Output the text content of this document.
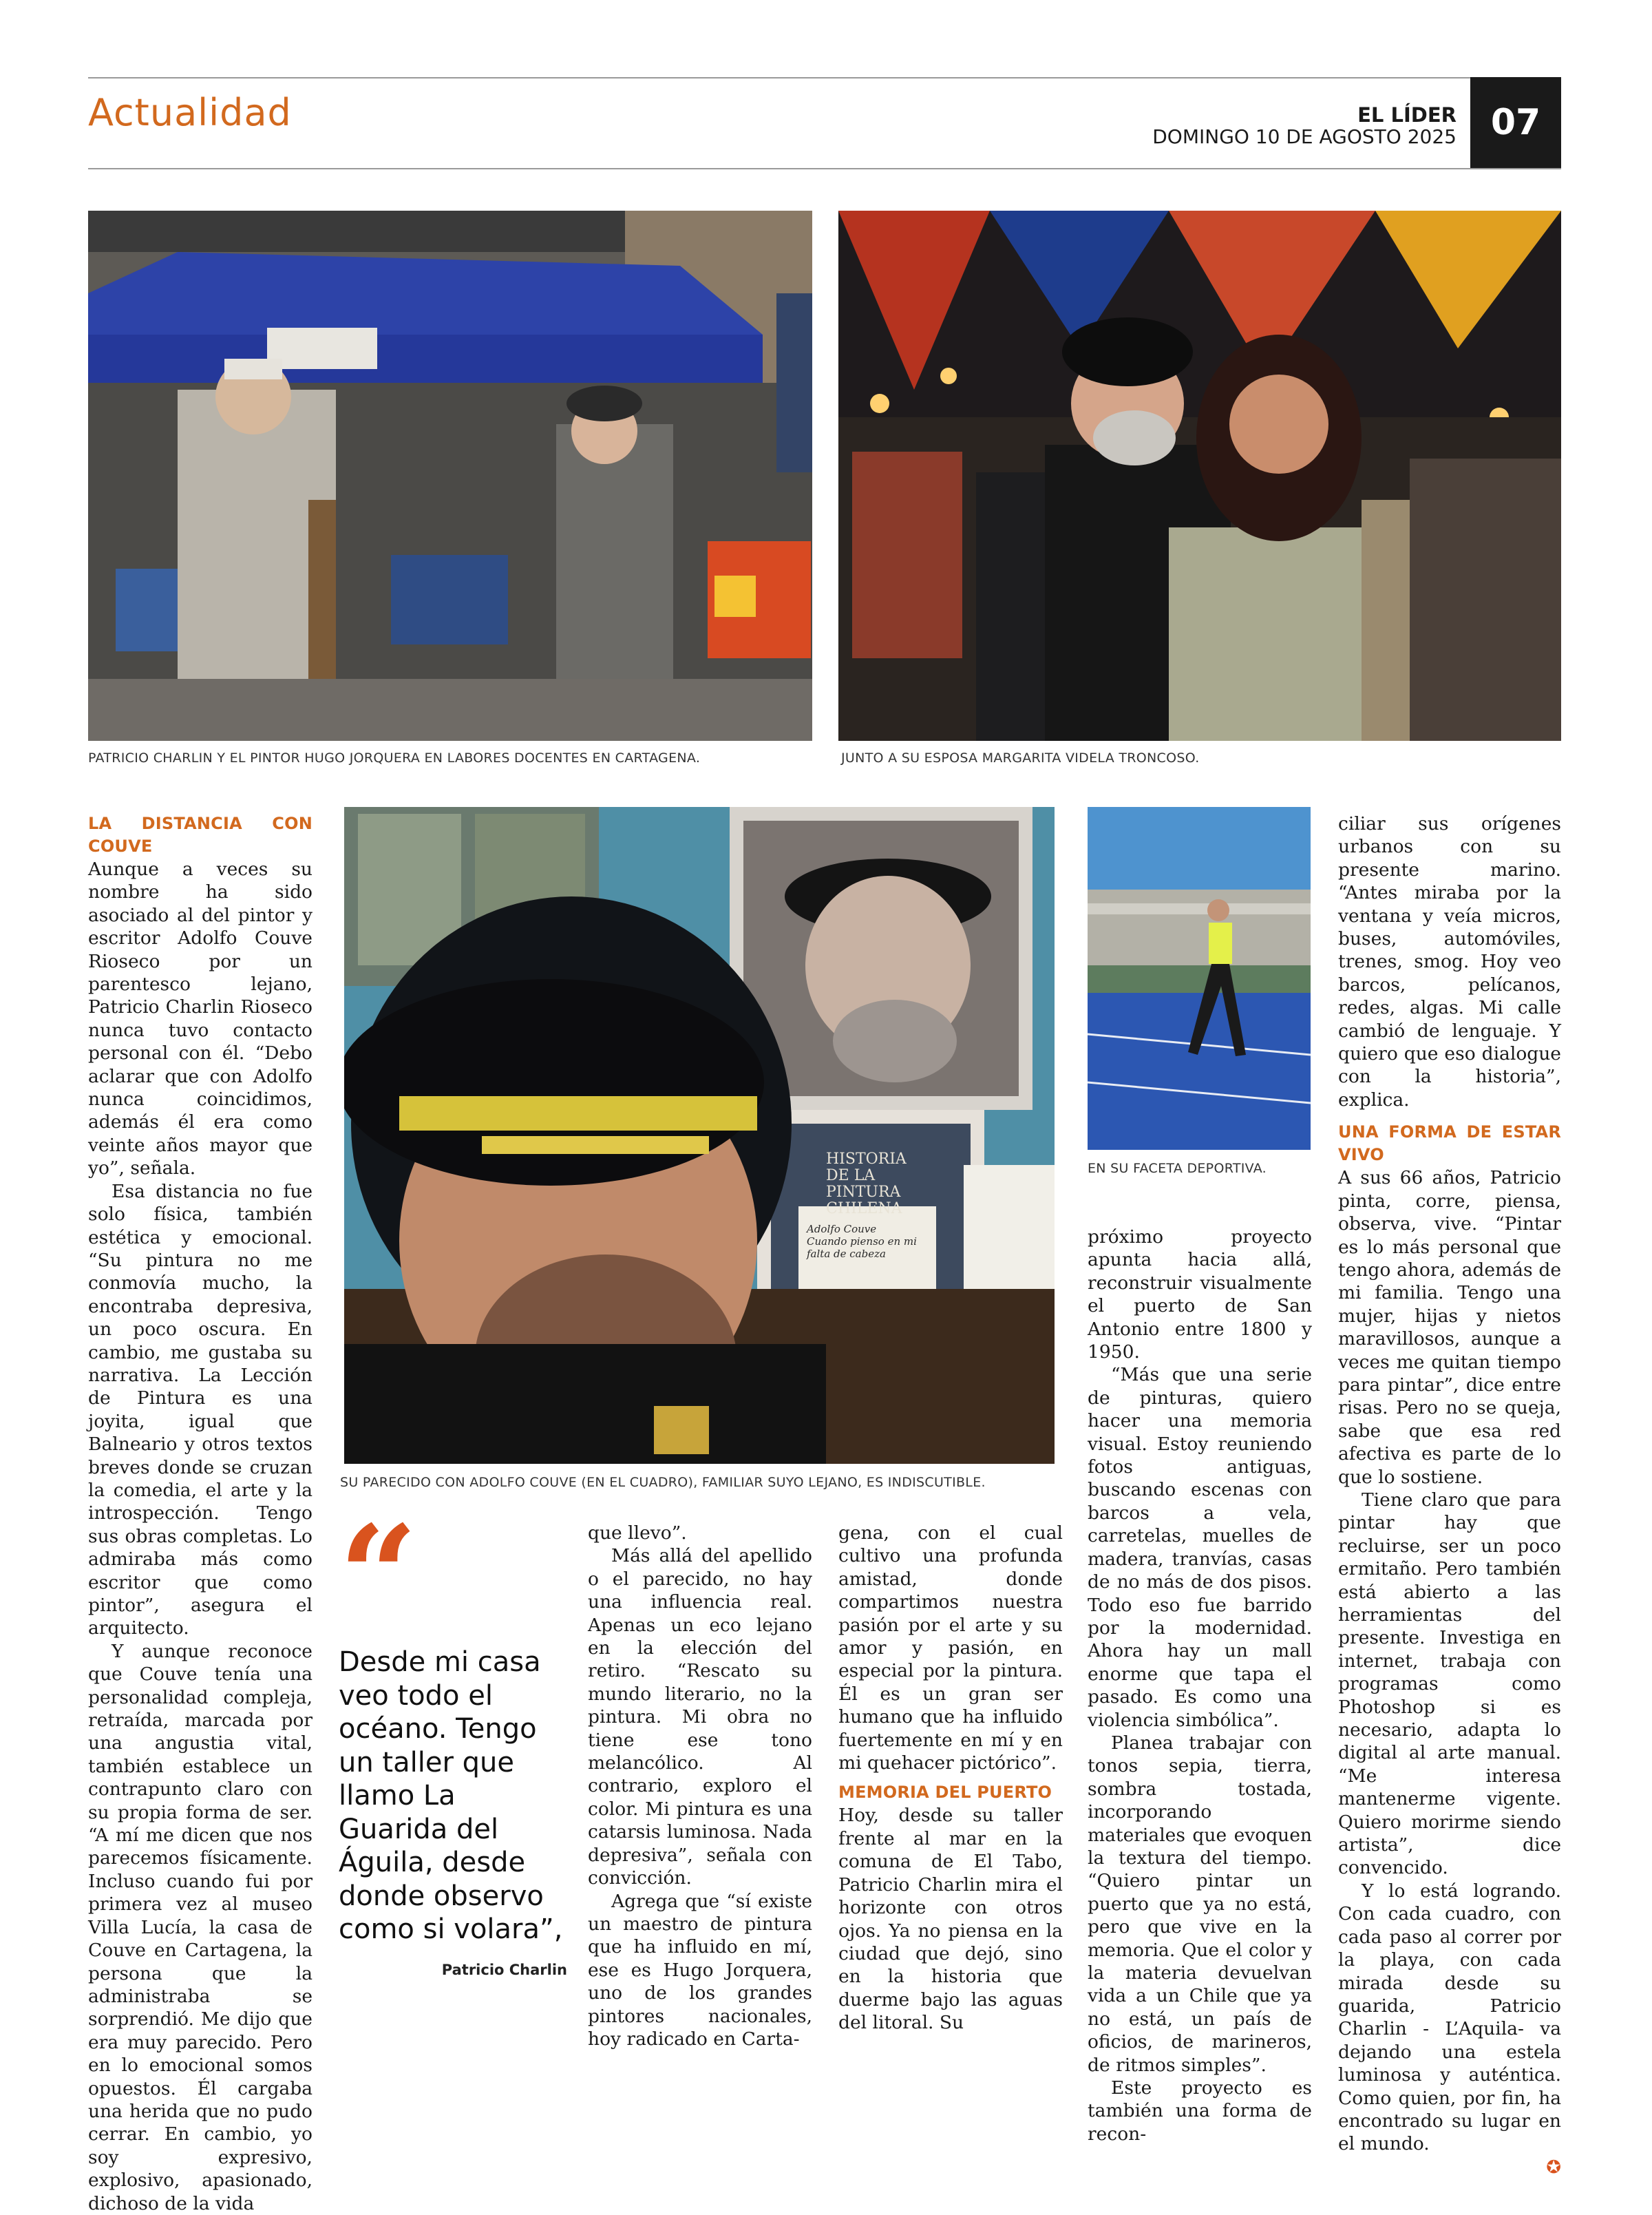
Actualidad	EL LÍDER
DOMINGO 10 DE AGOSTO 2025 07
PATRICIO CHARLIN Y EL PINTOR HUGO JORQUERA EN LABORES DOCENTES EN CARTAGENA.	JUNTO A SU ESPOSA MARGARITA VIDELA TRONCOSO.
HISTORIA
DE LA PINTURA
CHILENA
Adolfo Couve
Cuando pienso en mi falta de cabeza
SU PARECIDO CON ADOLFO COUVE (EN EL CUADRO), FAMILIAR SUYO LEJANO, ES INDISCUTIBLE.
EN SU FACETA DEPORTIVA.
LA DISTANCIA CON COUVE

Aunque a veces su nombre ha sido asociado al del pintor y escritor Adolfo Couve Rioseco por un parentesco lejano, Patricio Charlin Rioseco nunca tuvo contacto personal con él. “Debo aclarar que con Adolfo nunca coincidimos, además él era como veinte años mayor que yo”, señala.

Esa distancia no fue solo física, también estética y emocional. “Su pintura no me conmovía mucho, la encontraba depresiva, un poco oscura. En cambio, me gustaba su narrativa. La Lección de Pintura es una joyita, igual que Balneario y otros textos breves donde se cruzan la comedia, el arte y la introspección. Tengo sus obras completas. Lo admiraba más como escritor que como pintor”, asegura el arquitecto.

Y aunque reconoce que Couve tenía una personalidad compleja, retraída, marcada por una angustia vital, también establece un contrapunto claro con su propia forma de ser. “A mí me dicen que nos parecemos físicamente. Incluso cuando fui por primera vez al museo Villa Lucía, la casa de Couve en Cartagena, la persona que la administraba se sorprendió. Me dijo que era muy parecido. Pero en lo emocional somos opuestos. Él cargaba una herida que no pudo cerrar. En cambio, yo soy expresivo, explosivo, apasionado, dichoso de la vida

“
Desde mi casa veo todo el océano. Tengo un taller que llamo La Guarida del Águila, desde donde observo como si volara”,
Patricio Charlin

que llevo”.

Más allá del apellido o el parecido, no hay una influencia real. Apenas un eco lejano en la elección del retiro. “Rescato su mundo literario, no la pintura. Mi obra no tiene ese tono melancólico. Al contrario, exploro el color. Mi pintura es una catarsis luminosa. Nada depresiva”, señala con convicción.

Agrega que “sí existe un maestro de pintura que ha influido en mí, ese es Hugo Jorquera, uno de los grandes pintores nacionales, hoy radicado en Carta-

gena, con el cual cultivo una profunda amistad, donde compartimos nuestra pasión por el arte y su amor y pasión, en especial por la pintura. Él es un gran ser humano que ha influido fuertemente en mí y en mi quehacer pictórico”.

MEMORIA DEL PUERTO

Hoy, desde su taller frente al mar en la comuna de El Tabo, Patricio Charlin mira el horizonte con otros ojos. Ya no piensa en la ciudad que dejó, sino en la historia que duerme bajo las aguas del litoral. Su

próximo proyecto apunta hacia allá, reconstruir visualmente el puerto de San Antonio entre 1800 y 1950.

“Más que una serie de pinturas, quiero hacer una memoria visual. Estoy reuniendo fotos antiguas, buscando escenas con barcos a vela, carretelas, muelles de madera, tranvías, casas de no más de dos pisos. Todo eso fue barrido por la modernidad. Ahora hay un mall enorme que tapa el pasado. Es como una violencia simbólica”.

Planea trabajar con tonos sepia, tierra, sombra tostada, incorporando materiales que evoquen la textura del tiempo. “Quiero pintar un puerto que ya no está, pero que vive en la memoria. Que el color y la materia devuelvan vida a un Chile que ya no está, un país de oficios, de marineros, de ritmos simples”.

Este proyecto es también una forma de recon-

ciliar sus orígenes urbanos con su presente marino. “Antes miraba por la ventana y veía micros, buses, automóviles, trenes, smog. Hoy veo barcos, pelícanos, redes, algas. Mi calle cambió de lenguaje. Y quiero que eso dialogue con la historia”, explica.

UNA FORMA DE ESTAR VIVO

A sus 66 años, Patricio pinta, corre, piensa, observa, vive. “Pintar es lo más personal que tengo ahora, además de mi familia. Tengo una mujer, hijas y nietos maravillosos, aunque a veces me quitan tiempo para pintar”, dice entre risas. Pero no se queja, sabe que esa red afectiva es parte de lo que lo sostiene.

Tiene claro que para pintar hay que recluirse, ser un poco ermitaño. Pero también está abierto a las herramientas del presente. Investiga en internet, trabaja con programas como Photoshop si es necesario, adapta lo digital al arte manual. “Me interesa mantenerme vigente. Quiero morirme siendo artista”, dice convencido.

Y lo está logrando. Con cada cuadro, con cada paso al correr por la playa, con cada mirada desde su guarida, Patricio Charlin - L’Aquila- va dejando una estela luminosa y auténtica. Como quien, por fin, ha encontrado su lugar en el mundo.

✪
